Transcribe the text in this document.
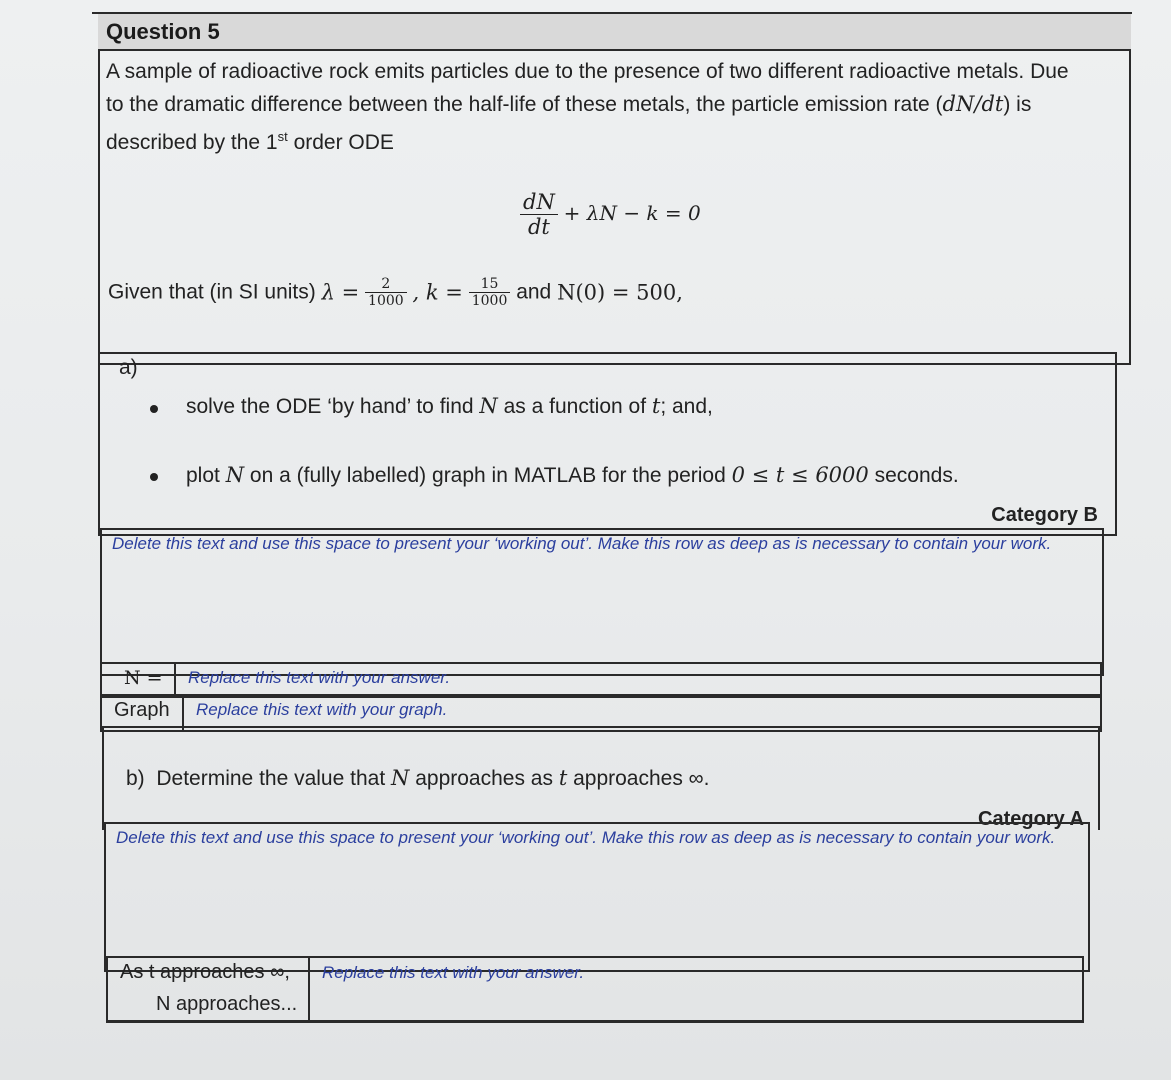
Question 5
A sample of radioactive rock emits particles due to the presence of two different radioactive metals. Due
to the dramatic difference between the half-life of these metals, the particle emission rate (dN/dt) is
described by the 1st order ODE
$\frac{dN}{dt} + \lambda N - k = 0$
Given that (in SI units) $\lambda = \frac{2}{1000}$ , $k = \frac{15}{1000}$ and N(0) = 500,
a)
solve the ODE ‘by hand’ to find N as a function of t; and,
plot N on a (fully labelled) graph in MATLAB for the period 0 ≤ t ≤ 6000 seconds.
Category B
Delete this text and use this space to present your ‘working out’. Make this row as deep as is necessary to contain your work.
N = Replace this text with your answer.
Graph Replace this text with your graph.
b) Determine the value that N approaches as t approaches ∞.
Category A
Delete this text and use this space to present your ‘working out’. Make this row as deep as is necessary to contain your work.
As t approaches ∞,
N approaches...
Replace this text with your answer.
